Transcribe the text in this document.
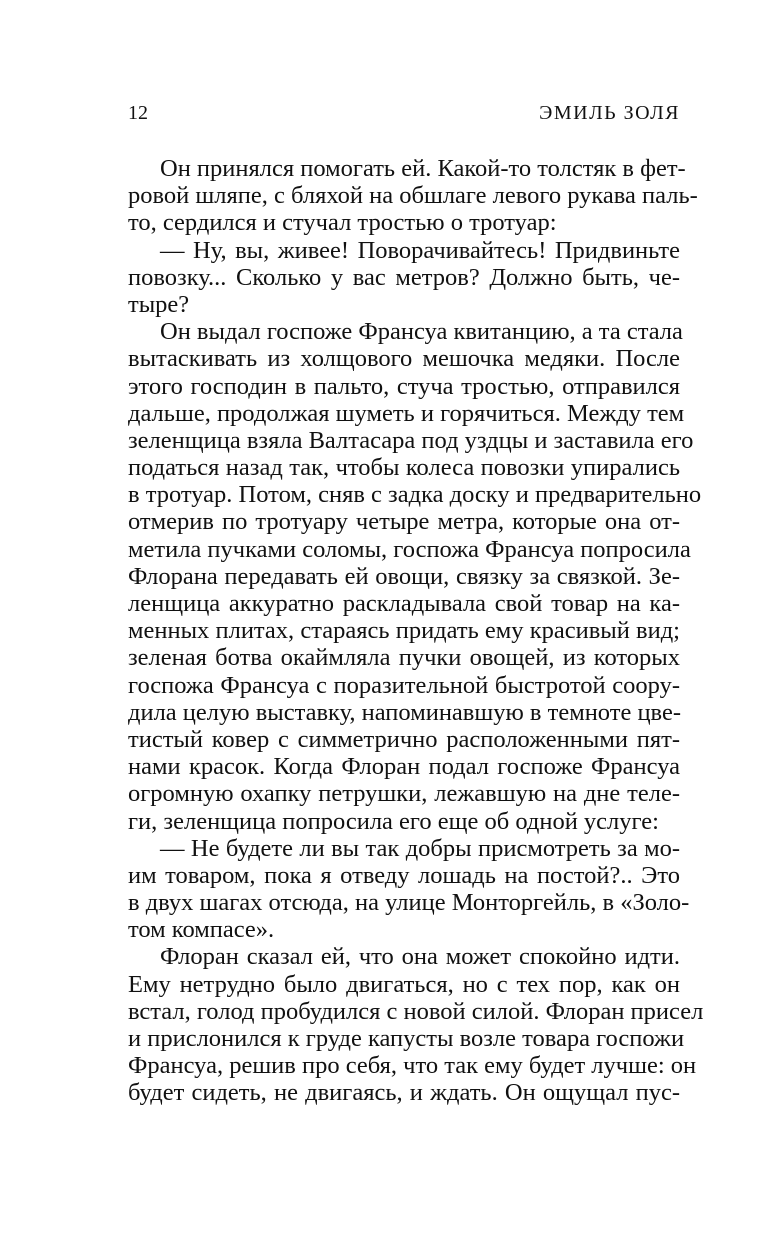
12	ЭМИЛЬ ЗОЛЯ
Он принялся помогать ей. Какой-то толстяк в фет-
ровой шляпе, с бляхой на обшлаге левого рукава паль-
то, сердился и стучал тростью о тротуар:
— Ну, вы, живее! Поворачивайтесь! Придвиньте
повозку... Сколько у вас метров? Должно быть, че-
тыре?
Он выдал госпоже Франсуа квитанцию, а та стала
вытаскивать из холщового мешочка медяки. После
этого господин в пальто, стуча тростью, отправился
дальше, продолжая шуметь и горячиться. Между тем
зеленщица взяла Валтасара под уздцы и заставила его
податься назад так, чтобы колеса повозки упирались
в тротуар. Потом, сняв с задка доску и предварительно
отмерив по тротуару четыре метра, которые она от-
метила пучками соломы, госпожа Франсуа попросила
Флорана передавать ей овощи, связку за связкой. Зе-
ленщица аккуратно раскладывала свой товар на ка-
менных плитах, стараясь придать ему красивый вид;
зеленая ботва окаймляла пучки овощей, из которых
госпожа Франсуа с поразительной быстротой соору-
дила целую выставку, напоминавшую в темноте цве-
тистый ковер с симметрично расположенными пят-
нами красок. Когда Флоран подал госпоже Франсуа
огромную охапку петрушки, лежавшую на дне теле-
ги, зеленщица попросила его еще об одной услуге:
— Не будете ли вы так добры присмотреть за мо-
им товаром, пока я отведу лошадь на постой?.. Это
в двух шагах отсюда, на улице Монторгейль, в «Золо-
том компасе».
Флоран сказал ей, что она может спокойно идти.
Ему нетрудно было двигаться, но с тех пор, как он
встал, голод пробудился с новой силой. Флоран присел
и прислонился к груде капусты возле товара госпожи
Франсуа, решив про себя, что так ему будет лучше: он
будет сидеть, не двигаясь, и ждать. Он ощущал пус-
